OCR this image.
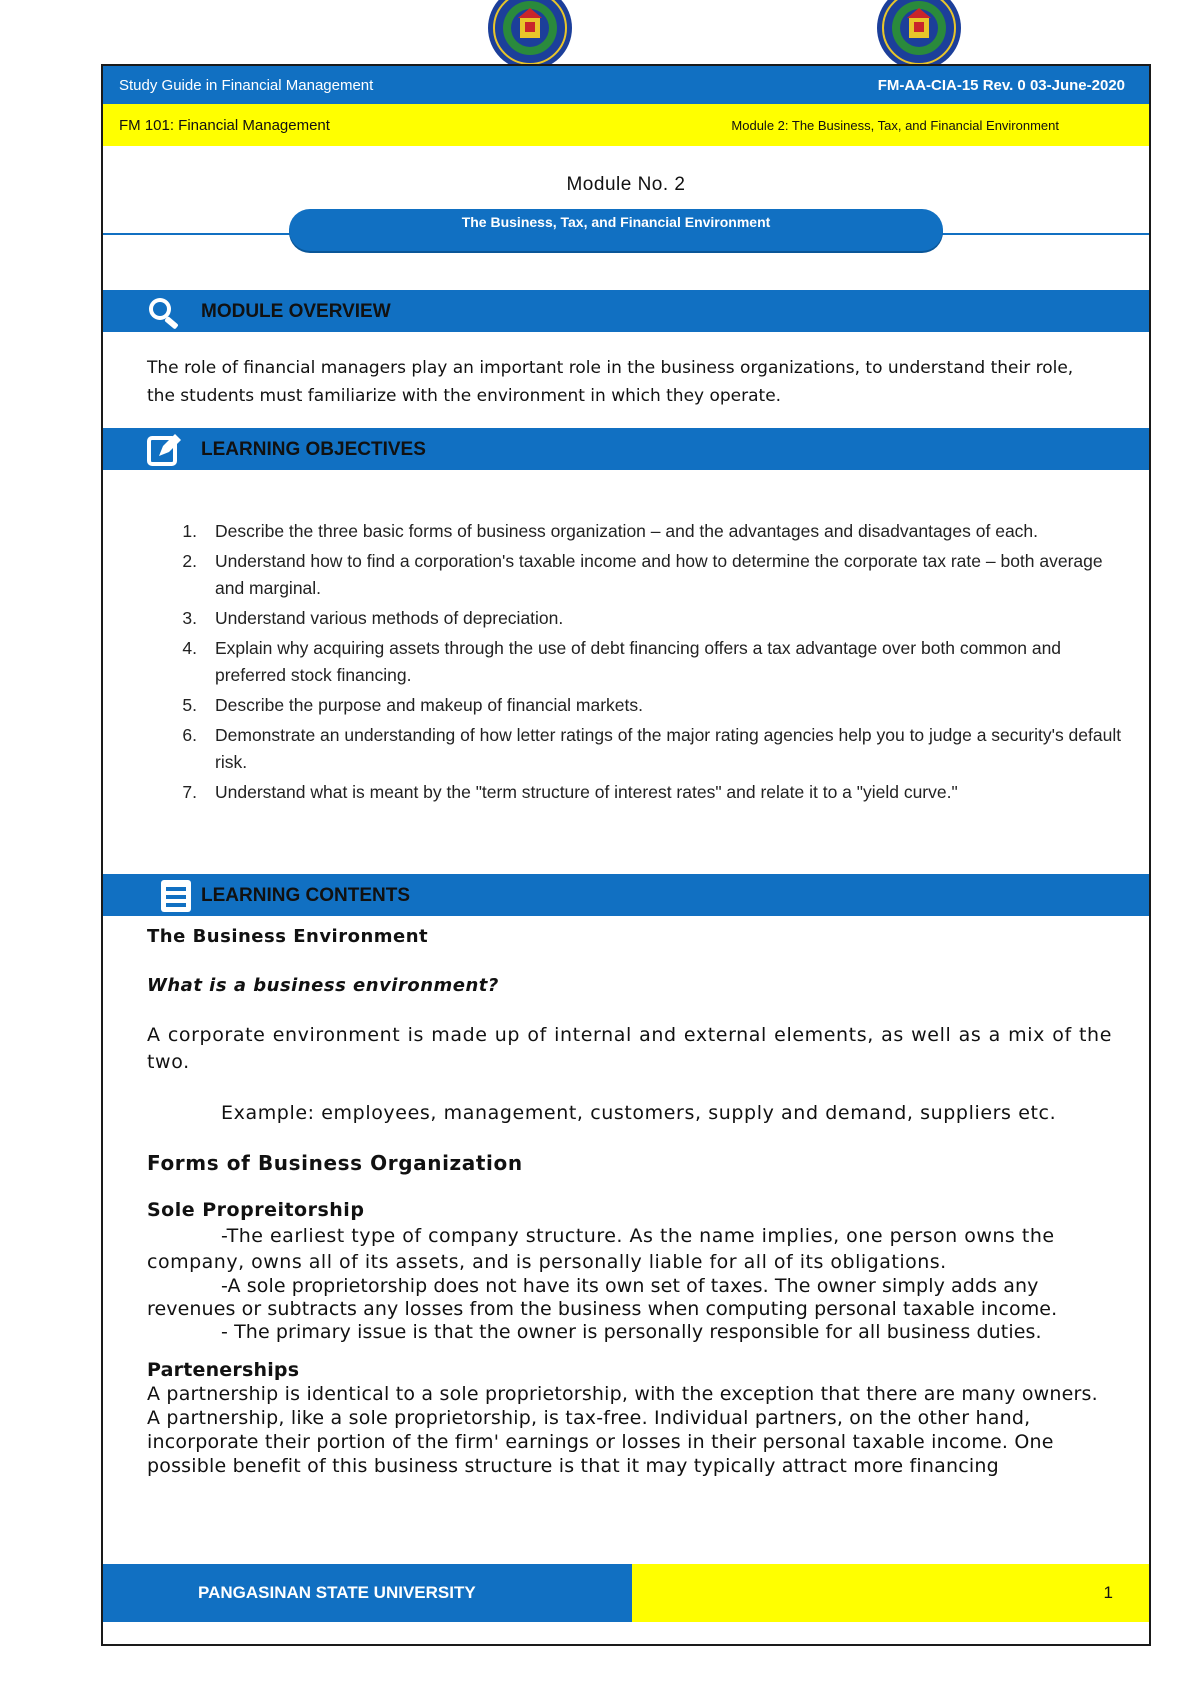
Study Guide in Financial Management	FM-AA-CIA-15 Rev. 0 03-June-2020
FM 101: Financial Management	Module 2: The Business, Tax, and Financial Environment
Module No. 2
The Business, Tax, and Financial Environment
MODULE OVERVIEW

The role of financial managers play an important role in the business organizations, to understand their role, the students must familiarize with the environment in which they operate.

LEARNING OBJECTIVES
1. Describe the three basic forms of business organization – and the advantages and disadvantages of each.
2. Understand how to find a corporation's taxable income and how to determine the corporate tax rate – both average and marginal.
3. Understand various methods of depreciation.
4. Explain why acquiring assets through the use of debt financing offers a tax advantage over both common and preferred stock financing.
5. Describe the purpose and makeup of financial markets.
6. Demonstrate an understanding of how letter ratings of the major rating agencies help you to judge a security's default risk.
7. Understand what is meant by the "term structure of interest rates" and relate it to a "yield curve."
LEARNING CONTENTS

The Business Environment

What is a business environment?

A corporate environment is made up of internal and external elements, as well as a mix of the two.

Example: employees, management, customers, supply and demand, suppliers etc.

Forms of Business Organization

Sole Propreitorship

-The earliest type of company structure. As the name implies, one person owns the company, owns all of its assets, and is personally liable for all of its obligations.

-A sole proprietorship does not have its own set of taxes. The owner simply adds any revenues or subtracts any losses from the business when computing personal taxable income.

- The primary issue is that the owner is personally responsible for all business duties.

Partenerships

A partnership is identical to a sole proprietorship, with the exception that there are many owners. A partnership, like a sole proprietorship, is tax-free. Individual partners, on the other hand, incorporate their portion of the firm' earnings or losses in their personal taxable income. One possible benefit of this business structure is that it may typically attract more financing

PANGASINAN STATE UNIVERSITY	1
